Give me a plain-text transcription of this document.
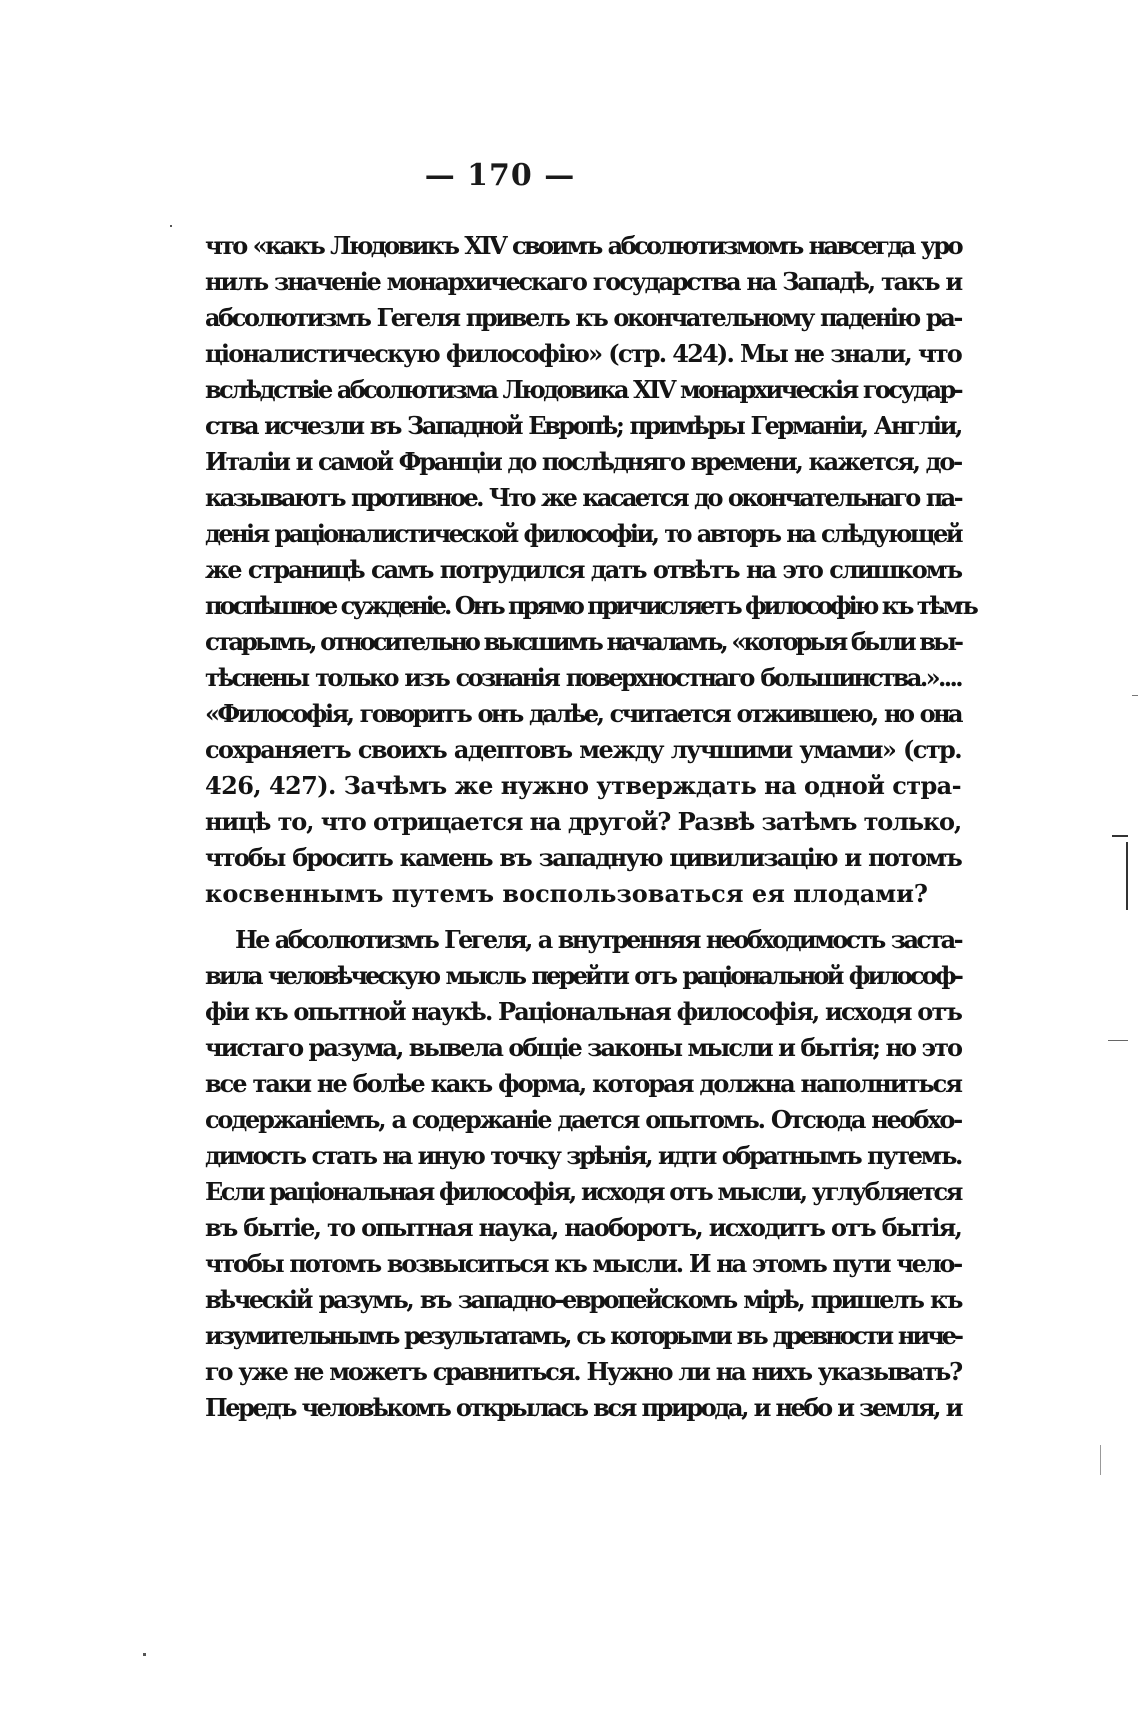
— 170 —
что «какъ Людовикъ XIV своимъ абсолютизмомъ навсегда уро
нилъ значеніе монархическаго государства на Западѣ, такъ и
абсолютизмъ Гегеля привелъ къ окончательному паденію ра-
ціоналистическую философію» (стр. 424). Мы не знали, что
вслѣдствіе абсолютизма Людовика XIV монархическія государ-
ства исчезли въ Западной Европѣ; примѣры Германіи, Англіи,
Италіи и самой Франціи до послѣдняго времени, кажется, до-
казываютъ противное. Что же касается до окончательнаго па-
денія раціоналистической философіи, то авторъ на слѣдующей
же страницѣ самъ потрудился дать отвѣтъ на это слишкомъ
поспѣшное сужденіе. Онъ прямо причисляетъ философію къ тѣмъ
старымъ, относительно высшимъ началамъ, «которыя были вы-
тѣснены только изъ сознанія поверхностнаго большинства.»....
«Философія, говоритъ онъ далѣе, считается отжившею, но она
сохраняетъ своихъ адептовъ между лучшими умами» (стр.
426, 427). Зачѣмъ же нужно утверждать на одной стра-
ницѣ то, что отрицается на другой? Развѣ затѣмъ только,
чтобы бросить камень въ западную цивилизацію и потомъ
косвеннымъ путемъ воспользоваться ея плодами?
Не абсолютизмъ Гегеля, а внутренняя необходимость заста-
вила человѣческую мысль перейти отъ раціональной философ-
фіи къ опытной наукѣ. Раціональная философія, исходя отъ
чистаго разума, вывела общіе законы мысли и бытія; но это
все таки не болѣе какъ форма, которая должна наполниться
содержаніемъ, а содержаніе дается опытомъ. Отсюда необхо-
димость стать на иную точку зрѣнія, идти обратнымъ путемъ.
Если раціональная философія, исходя отъ мысли, углубляется
въ бытіе, то опытная наука, наоборотъ, исходитъ отъ бытія,
чтобы потомъ возвыситься къ мысли. И на этомъ пути чело-
вѣческій разумъ, въ западно-европейскомъ мірѣ, пришелъ къ
изумительнымъ результатамъ, съ которыми въ древности ниче-
го уже не можетъ сравниться. Нужно ли на нихъ указывать?
Передъ человѣкомъ открылась вся природа, и небо и земля, и
